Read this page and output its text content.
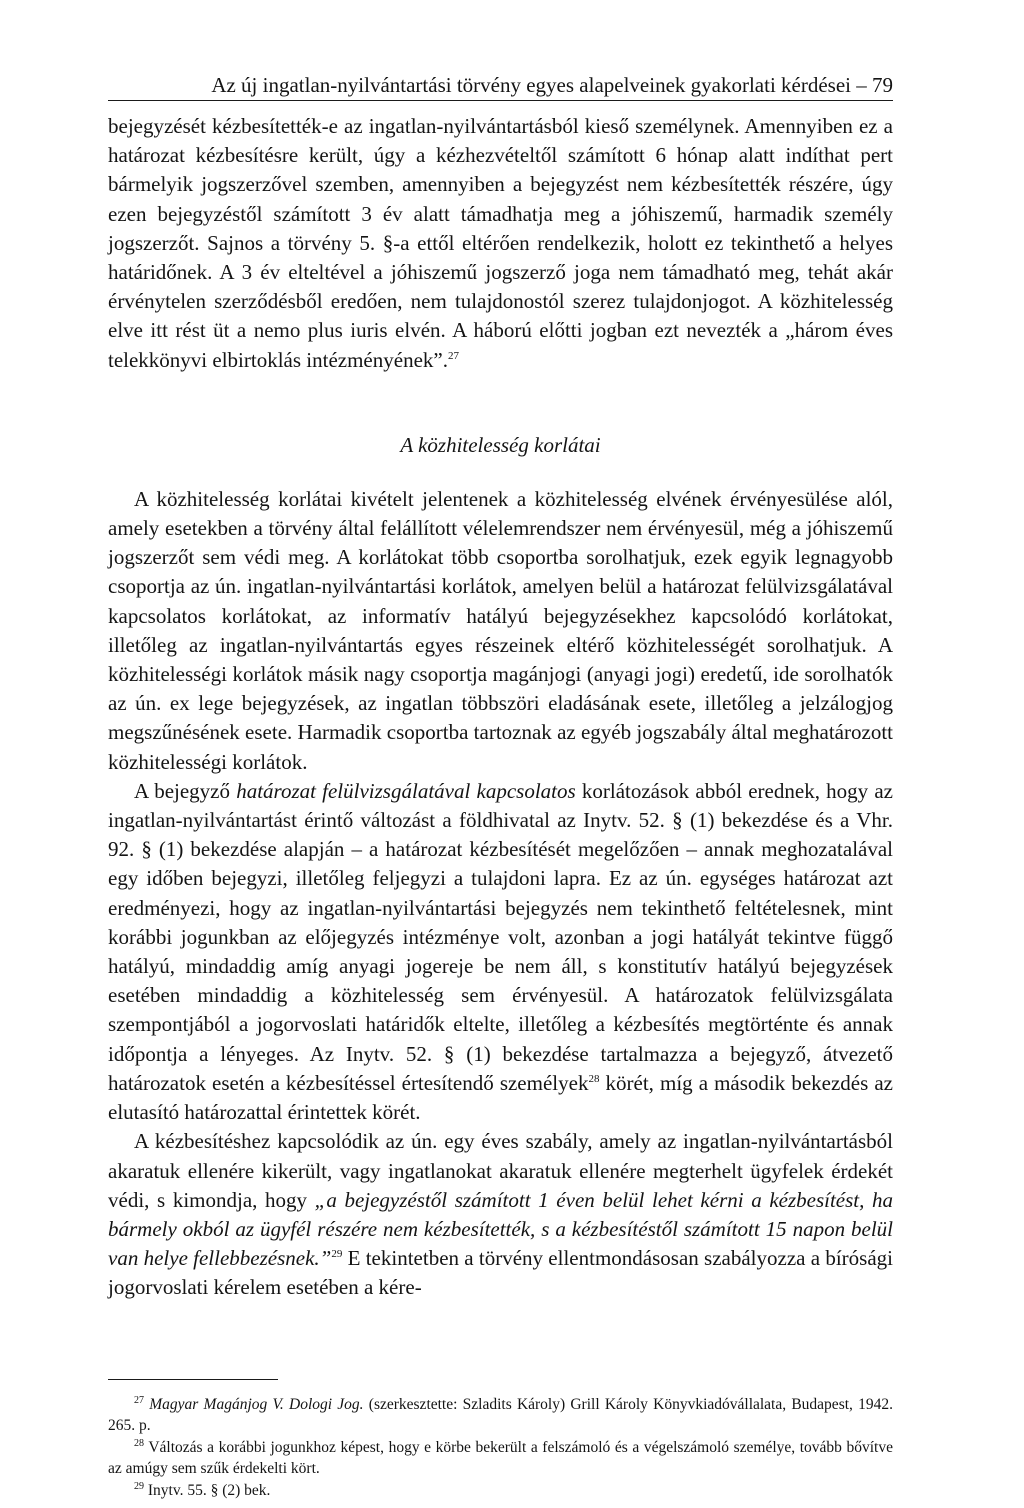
Az új ingatlan-nyilvántartási törvény egyes alapelveinek gyakorlati kérdései – 79

bejegyzését kézbesítették-e az ingatlan-nyilvántartásból kieső személynek. Amennyiben ez a határozat kézbesítésre került, úgy a kézhezvételtől számított 6 hónap alatt indíthat pert bármelyik jogszerzővel szemben, amennyiben a bejegyzést nem kézbesítették részére, úgy ezen bejegyzéstől számított 3 év alatt támadhatja meg a jóhiszemű, harmadik személy jogszerzőt. Sajnos a törvény 5. §-a ettől eltérően rendelkezik, holott ez tekinthető a helyes határidőnek. A 3 év elteltével a jóhiszemű jogszerző joga nem támadható meg, tehát akár érvénytelen szerződésből eredően, nem tulajdonostól szerez tulajdonjogot. A közhitelesség elve itt rést üt a nemo plus iuris elvén. A háború előtti jogban ezt nevezték a „három éves telekkönyvi elbirtoklás intézményének”.$^{27}$

A közhitelesség korlátai

A közhitelesség korlátai kivételt jelentenek a közhitelesség elvének érvényesülése alól, amely esetekben a törvény által felállított vélelemrendszer nem érvényesül, még a jóhiszemű jogszerzőt sem védi meg. A korlátokat több csoportba sorolhatjuk, ezek egyik legnagyobb csoportja az ún. ingatlan-nyilvántartási korlátok, amelyen belül a határozat felülvizsgálatával kapcsolatos korlátokat, az informatív hatályú bejegyzésekhez kapcsolódó korlátokat, illetőleg az ingatlan-nyilvántartás egyes részeinek eltérő közhitelességét sorolhatjuk. A közhitelességi korlátok másik nagy csoportja magánjogi (anyagi jogi) eredetű, ide sorolhatók az ún. ex lege bejegyzések, az ingatlan többszöri eladásának esete, illetőleg a jelzálogjog megszűnésének esete. Harmadik csoportba tartoznak az egyéb jogszabály által meghatározott közhitelességi korlátok.

A bejegyző határozat felülvizsgálatával kapcsolatos korlátozások abból erednek, hogy az ingatlan-nyilvántartást érintő változást a földhivatal az Inytv. 52. § (1) bekezdése és a Vhr. 92. § (1) bekezdése alapján – a határozat kézbesítését megelőzően – annak meghozatalával egy időben bejegyzi, illetőleg feljegyzi a tulajdoni lapra. Ez az ún. egységes határozat azt eredményezi, hogy az ingatlan-nyilvántartási bejegyzés nem tekinthető feltételesnek, mint korábbi jogunkban az előjegyzés intézménye volt, azonban a jogi hatályát tekintve függő hatályú, mindaddig amíg anyagi jogereje be nem áll, s konstitutív hatályú bejegyzések esetében mindaddig a közhitelesség sem érvényesül. A határozatok felülvizsgálata szempontjából a jogorvoslati határidők eltelte, illetőleg a kézbesítés megtörténte és annak időpontja a lényeges. Az Inytv. 52. § (1) bekezdése tartalmazza a bejegyző, átvezető határozatok esetén a kézbesítéssel értesítendő személyek$^{28}$ körét, míg a második bekezdés az elutasító határozattal érintettek körét.

A kézbesítéshez kapcsolódik az ún. egy éves szabály, amely az ingatlan-nyilvántartásból akaratuk ellenére kikerült, vagy ingatlanokat akaratuk ellenére megterhelt ügyfelek érdekét védi, s kimondja, hogy „a bejegyzéstől számított 1 éven belül lehet kérni a kézbesítést, ha bármely okból az ügyfél részére nem kézbesítették, s a kézbesítéstől számított 15 napon belül van helye fellebbezésnek.”$^{29}$ E tekintetben a törvény ellentmondásosan szabályozza a bírósági jogorvoslati kérelem esetében a kére-

$^{27}$ Magyar Magánjog V. Dologi Jog. (szerkesztette: Szladits Károly) Grill Károly Könyvkiadóvállalata, Budapest, 1942. 265. p.

$^{28}$ Változás a korábbi jogunkhoz képest, hogy e körbe bekerült a felszámoló és a végelszámoló személye, tovább bővítve az amúgy sem szűk érdekelti kört.

$^{29}$ Inytv. 55. § (2) bek.
